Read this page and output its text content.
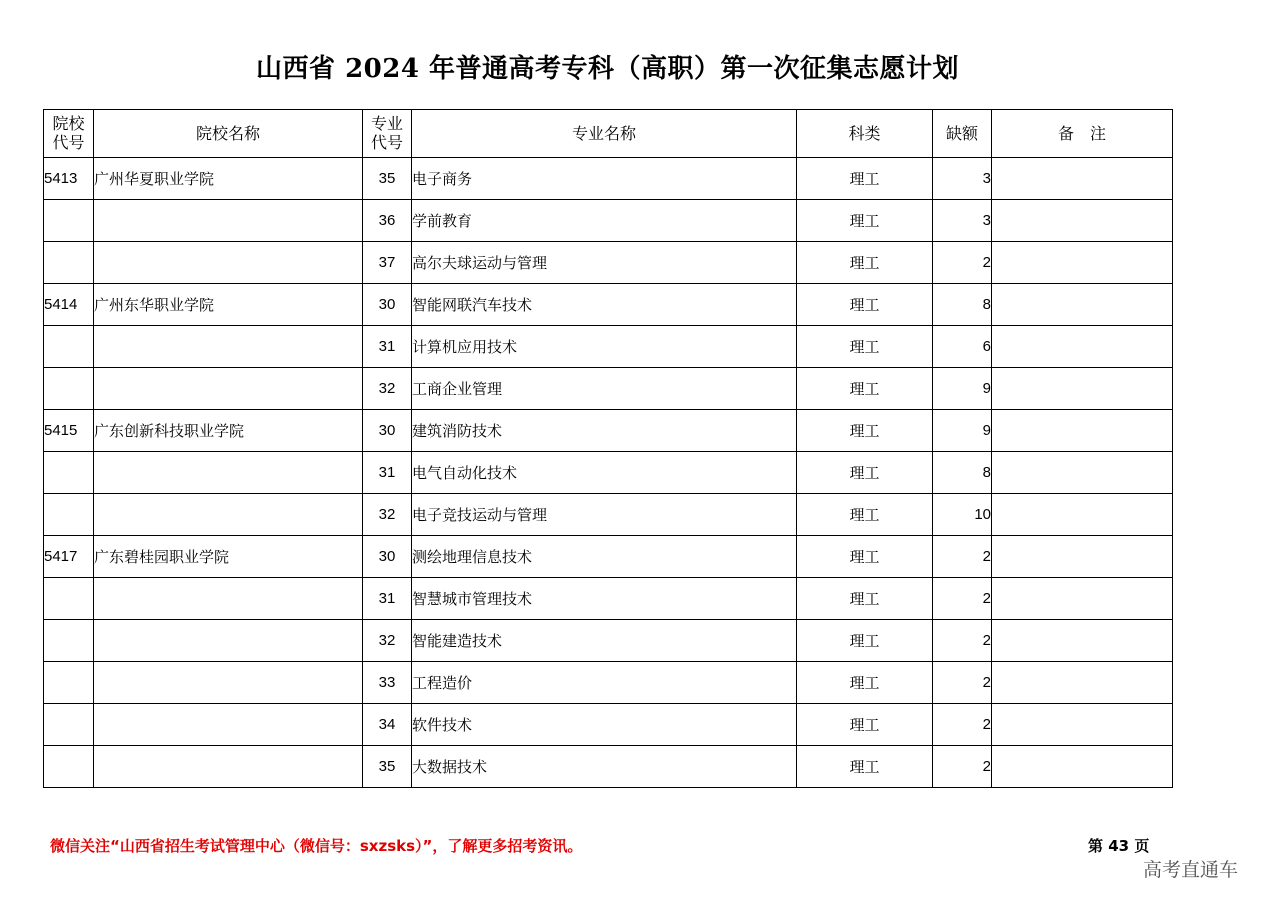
山西省 2024 年普通高考专科（高职）第一次征集志愿计划
院校代号	院校名称	专业代号	专业名称	科类	缺额	备　注
5413	广州华夏职业学院	35	电子商务	理工	3	
		36	学前教育	理工	3	
		37	高尔夫球运动与管理	理工	2	
5414	广州东华职业学院	30	智能网联汽车技术	理工	8	
		31	计算机应用技术	理工	6	
		32	工商企业管理	理工	9	
5415	广东创新科技职业学院	30	建筑消防技术	理工	9	
		31	电气自动化技术	理工	8	
		32	电子竞技运动与管理	理工	10	
5417	广东碧桂园职业学院	30	测绘地理信息技术	理工	2	
		31	智慧城市管理技术	理工	2	
		32	智能建造技术	理工	2	
		33	工程造价	理工	2	
		34	软件技术	理工	2	
		35	大数据技术	理工	2	
微信关注“山西省招生考试管理中心（微信号：sxzsks）”，了解更多招考资讯。	第 43 页
高考直通车
